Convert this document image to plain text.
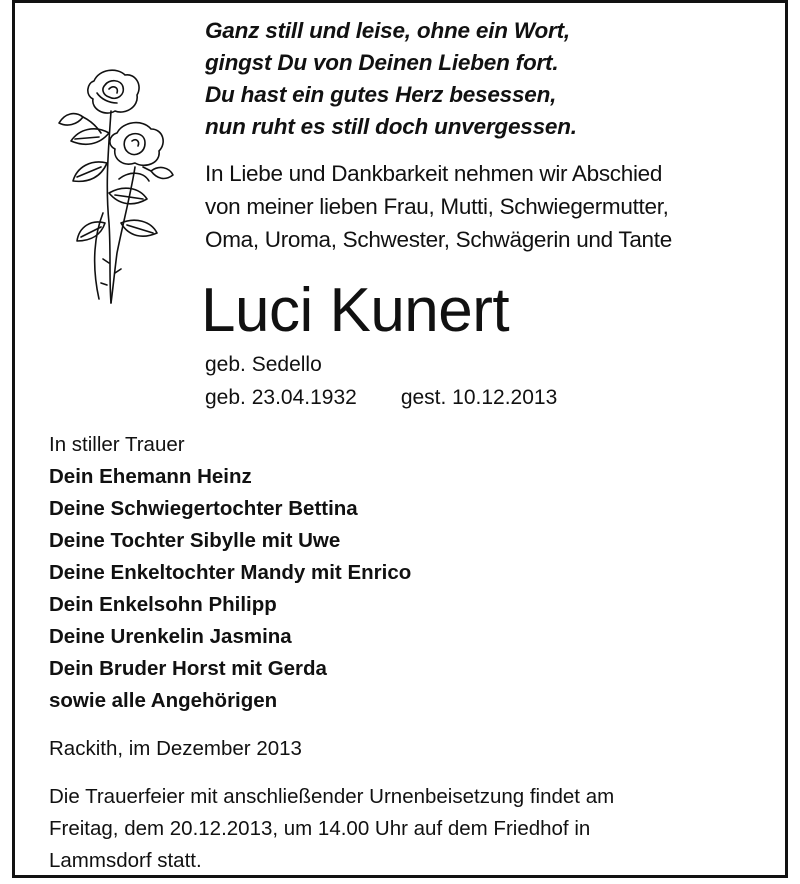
Ganz still und leise, ohne ein Wort,
gingst Du von Deinen Lieben fort.
Du hast ein gutes Herz besessen,
nun ruht es still doch unvergessen.
In Liebe und Dankbarkeit nehmen wir Abschied
von meiner lieben Frau, Mutti, Schwiegermutter,
Oma, Uroma, Schwester, Schwägerin und Tante
Luci Kunert
geb. Sedello
geb. 23.04.1932 gest. 10.12.2013
In stiller Trauer
Dein Ehemann Heinz
Deine Schwiegertochter Bettina
Deine Tochter Sibylle mit Uwe
Deine Enkeltochter Mandy mit Enrico
Dein Enkelsohn Philipp
Deine Urenkelin Jasmina
Dein Bruder Horst mit Gerda
sowie alle Angehörigen
Rackith, im Dezember 2013
Die Trauerfeier mit anschließender Urnenbeisetzung findet am
Freitag, dem 20.12.2013, um 14.00 Uhr auf dem Friedhof in
Lammsdorf statt.
